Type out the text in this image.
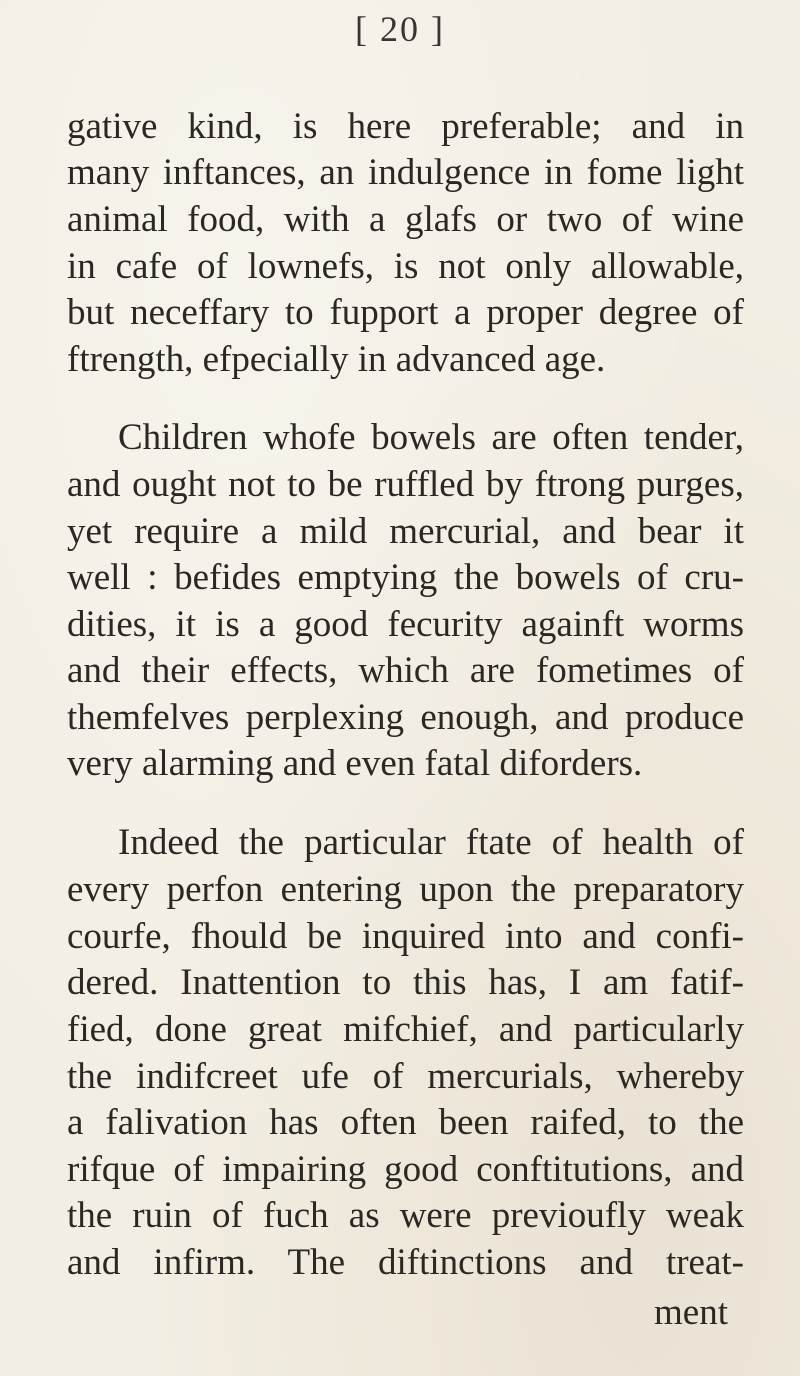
[ 20 ]
gative kind, is here preferable; and in
many inftances, an indulgence in fome light
animal food, with a glafs or two of wine
in cafe of lownefs, is not only allowable,
but neceffary to fupport a proper degree of
ftrength, efpecially in advanced age.
Children whofe bowels are often tender,
and ought not to be ruffled by ftrong purges,
yet require a mild mercurial, and bear it
well : befides emptying the bowels of cru-
dities, it is a good fecurity againft worms
and their effects, which are fometimes of
themfelves perplexing enough, and produce
very alarming and even fatal diforders.
Indeed the particular ftate of health of
every perfon entering upon the preparatory
courfe, fhould be inquired into and confi-
dered. Inattention to this has, I am fatif-
fied, done great mifchief, and particularly
the indifcreet ufe of mercurials, whereby
a falivation has often been raifed, to the
rifque of impairing good conftitutions, and
the ruin of fuch as were previoufly weak
and infirm. The diftinctions and treat-
ment
